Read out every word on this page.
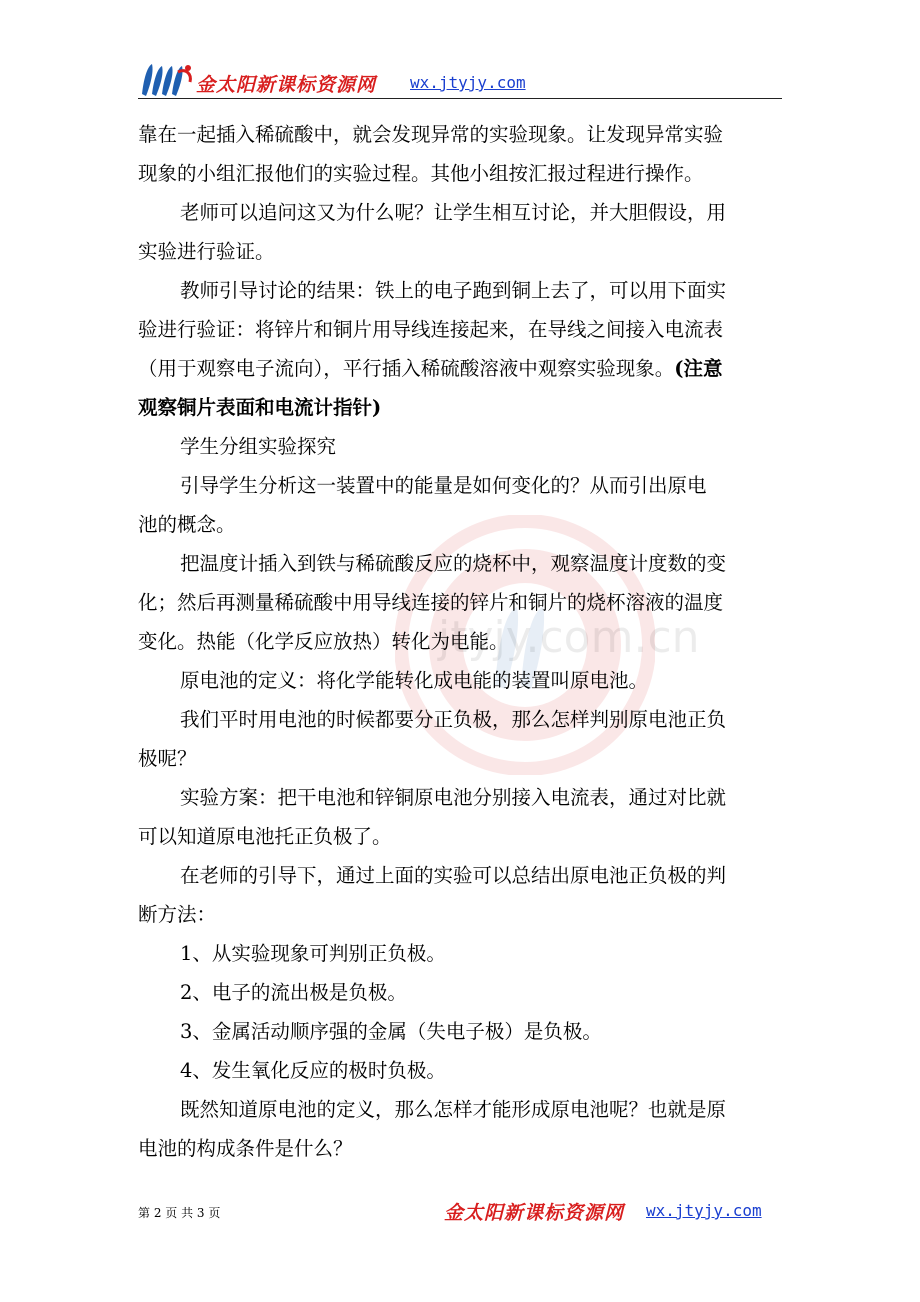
金太阳新课标资源网 wx.jtyjy.com
jtyjy.com.cn
靠在一起插入稀硫酸中，就会发现异常的实验现象。让发现异常实验
现象的小组汇报他们的实验过程。其他小组按汇报过程进行操作。
老师可以追问这又为什么呢？让学生相互讨论，并大胆假设，用
实验进行验证。
教师引导讨论的结果：铁上的电子跑到铜上去了，可以用下面实
验进行验证：将锌片和铜片用导线连接起来，在导线之间接入电流表
（用于观察电子流向），平行插入稀硫酸溶液中观察实验现象。(注意
观察铜片表面和电流计指针)
学生分组实验探究
引导学生分析这一装置中的能量是如何变化的？从而引出原电
池的概念。
把温度计插入到铁与稀硫酸反应的烧杯中，观察温度计度数的变
化；然后再测量稀硫酸中用导线连接的锌片和铜片的烧杯溶液的温度
变化。热能（化学反应放热）转化为电能。
原电池的定义：将化学能转化成电能的装置叫原电池。
我们平时用电池的时候都要分正负极，那么怎样判别原电池正负
极呢？
实验方案：把干电池和锌铜原电池分别接入电流表，通过对比就
可以知道原电池托正负极了。
在老师的引导下，通过上面的实验可以总结出原电池正负极的判
断方法：
1、从实验现象可判别正负极。
2、电子的流出极是负极。
3、金属活动顺序强的金属（失电子极）是负极。
4、发生氧化反应的极时负极。
既然知道原电池的定义，那么怎样才能形成原电池呢？也就是原
电池的构成条件是什么？
第 2 页 共 3 页	金太阳新课标资源网 wx.jtyjy.com
